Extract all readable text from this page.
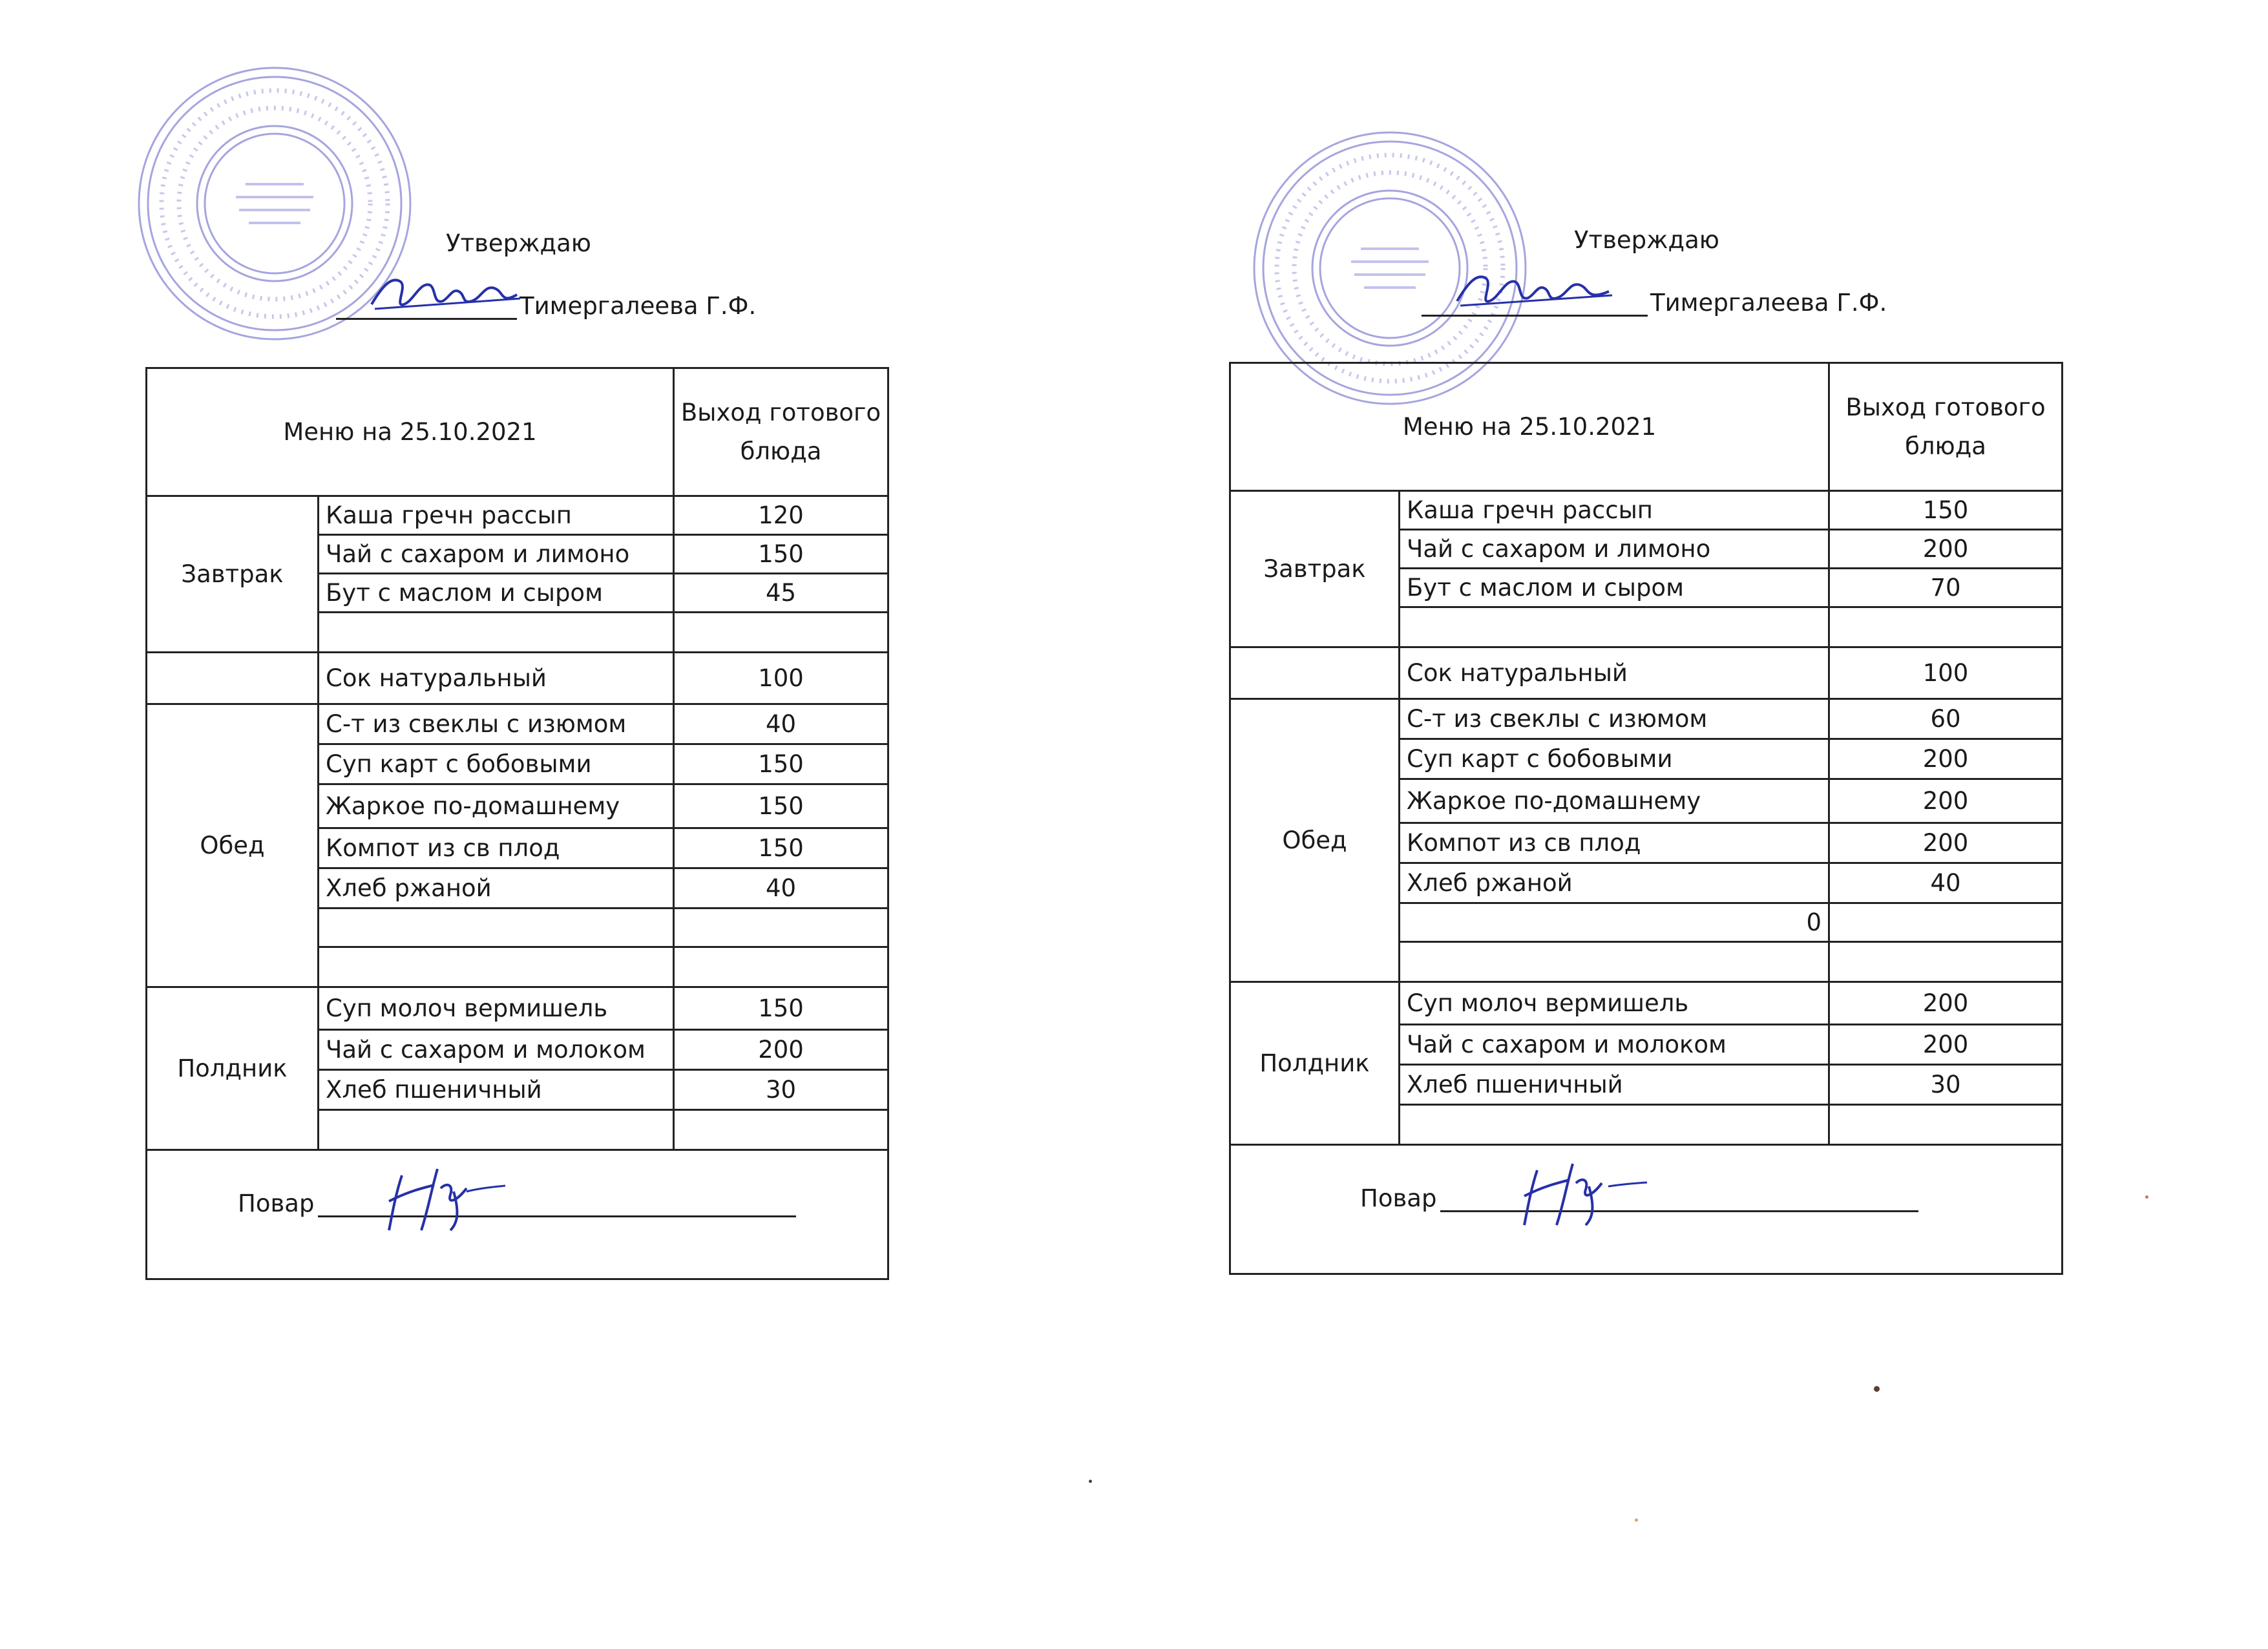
Утверждаю
Тимергалеева Г.Ф.
Меню на 25.10.2021		Выход готового блюда
Завтрак	Каша гречн рассып	120
	Чай с сахаром и лимоно	150
	Бут с маслом и сыром	45

	Сок натуральный	100
Обед	С-т из свеклы с изюмом	40
	Суп карт с бобовыми	150
	Жаркое по-домашнему	150
	Компот из св плод	150
	Хлеб ржаной	40

Полдник	Суп молоч вермишель	150
	Чай с сахаром и молоком	200
	Хлеб пшеничный	30

Повар		
Утверждаю
Тимергалеева Г.Ф.
Меню на 25.10.2021		Выход готового блюда
Завтрак	Каша гречн рассып	150
	Чай с сахаром и лимоно	200
	Бут с маслом и сыром	70

	Сок натуральный	100
Обед	С-т из свеклы с изюмом	60
	Суп карт с бобовыми	200
	Жаркое по-домашнему	200
	Компот из св плод	200
	Хлеб ржаной	40
	0	

Полдник	Суп молоч вермишель	200
	Чай с сахаром и молоком	200
	Хлеб пшеничный	30

Повар		
